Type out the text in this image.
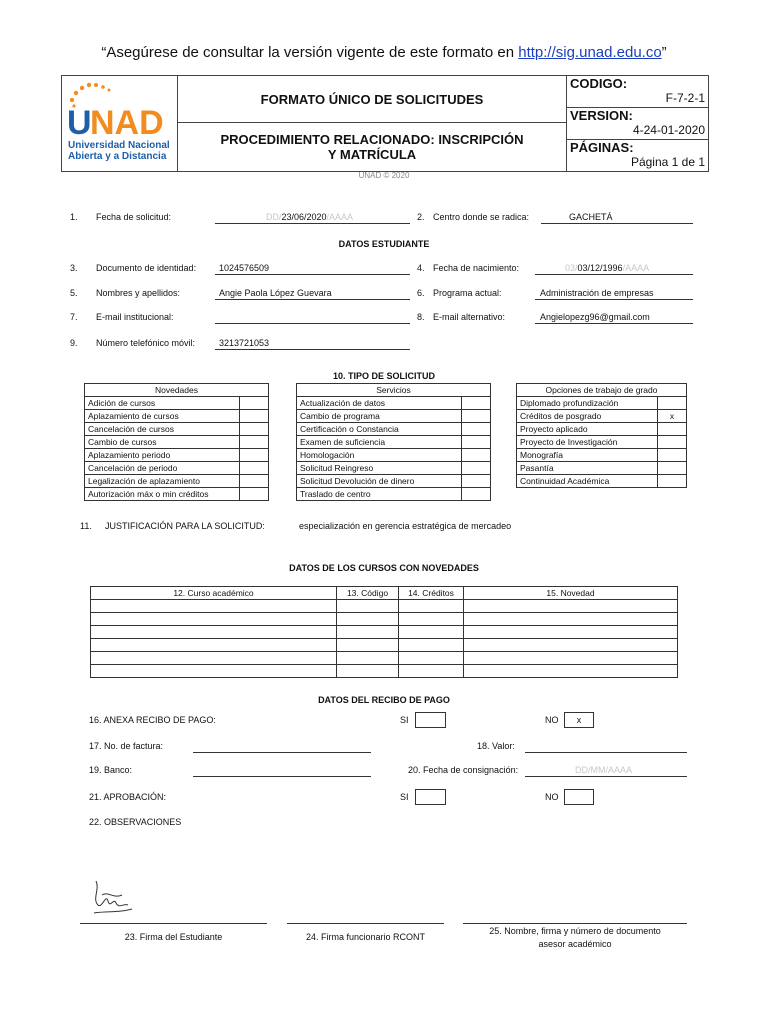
“Asegúrese de consultar la versión vigente de este formato en http://sig.unad.edu.co”
U
NAD
Universidad Nacional
Abierta y a Distancia
FORMATO ÚNICO DE SOLICITUDES
PROCEDIMIENTO RELACIONADO: INSCRIPCIÓN Y MATRÍCULA
CODIGO:
F-7-2-1
VERSION:
4-24-01-2020
PÁGINAS:
Página 1 de 1
UNAD © 2020
1. Fecha de solicitud:	DD/23/06/2020/AAAA	2. Centro donde se radica:	GACHETÁ
DATOS ESTUDIANTE
3. Documento de identidad:	1024576509	4. Fecha de nacimiento:	03/03/12/1996/AAAA
5. Nombres y apellidos:	Angie Paola López Guevara	6. Programa actual:	Administración de empresas
7. E-mail institucional:	8. E-mail alternativo:	Angielopezg96@gmail.com
9. Número telefónico móvil:	3213721053
10. TIPO DE SOLICITUD
Novedades	
Adición de cursos	
Aplazamiento de cursos	
Cancelación de cursos	
Cambio de cursos	
Aplazamiento periodo	
Cancelación de periodo	
Legalización de aplazamiento	
Autorización máx o min créditos	
Servicios	
Actualización de datos	
Cambio de programa	
Certificación o Constancia	
Examen de suficiencia	
Homologación	
Solicitud Reingreso	
Solicitud Devolución de dinero	
Traslado de centro	
Opciones de trabajo de grado	
Diplomado profundización	
Créditos de posgrado	x
Proyecto aplicado	
Proyecto de Investigación	
Monografía	
Pasantía	
Continuidad Académica	
11. JUSTIFICACIÓN PARA LA SOLICITUD:	especialización en gerencia estratégica de mercadeo
DATOS DE LOS CURSOS CON NOVEDADES
12. Curso académico	13. Código	14. Créditos	15. Novedad

DATOS DEL RECIBO DE PAGO
16. ANEXA RECIBO DE PAGO:	SI	NO	x
17. No. de factura:	18. Valor:
19. Banco:	20. Fecha de consignación:	DD/MM/AAAA
21. APROBACIÓN:	SI	NO
22. OBSERVACIONES
23. Firma del Estudiante	24. Firma funcionario RCONT
25. Nombre, firma y número de documento
asesor académico
